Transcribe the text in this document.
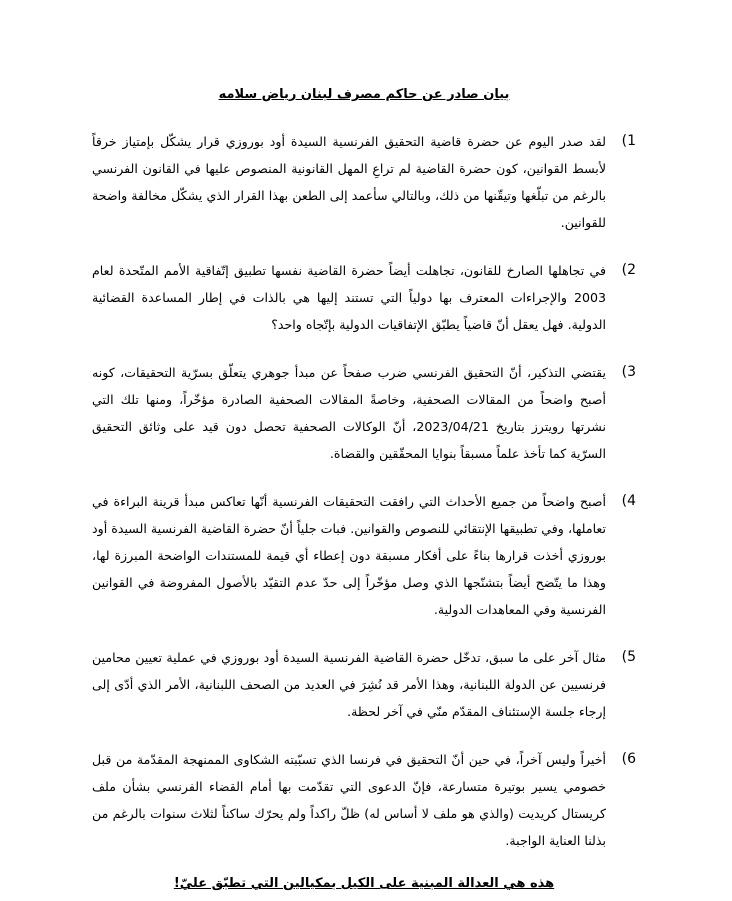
بيان صادر عن حاكم مصرف لبنان رياض سلامه
1)
لقد صدر اليوم عن حضرة قاضية التحقيق الفرنسية السيدة أود بوروزي قرار يشكّل بإمتياز خرقاً لأبسط القوانين، كون حضرة القاضية لم تراعِ المهل القانونية المنصوص عليها في القانون الفرنسي بالرغم من تبلّغها وتيقّنها من ذلك، وبالتالي سأعمد إلى الطعن بهذا القرار الذي يشكّل مخالفة واضحة للقوانين.
2)
في تجاهلها الصارخ للقانون، تجاهلت أيضاً حضرة القاضية نفسها تطبيق إتّفاقية الأمم المتّحدة لعام 2003 والإجراءات المعترف بها دولياً التي تستند إليها هي بالذات في إطار المساعدة القضائية الدولية. فهل يعقل أنّ قاضياً يطبّق الإتفاقيات الدولية بإتّجاه واحد؟
3)
يقتضي التذكير، أنّ التحقيق الفرنسي ضرب صفحاً عن مبدأ جوهري يتعلّق بسرّية التحقيقات، كونه أصبح واضحاً من المقالات الصحفية، وخاصةً المقالات الصحفية الصادرة مؤخّراً، ومنها تلك التي نشرتها رويترز بتاريخ 2023/04/21، أنّ الوكالات الصحفية تحصل دون قيد على وثائق التحقيق السرّية كما تأخذ علماً مسبقاً بنوايا المحقّقين والقضاة.
4)
أصبح واضحاً من جميع الأحداث التي رافقت التحقيقات الفرنسية أنّها تعاكس مبدأ قرينة البراءة في تعاملها، وفي تطبيقها الإنتقائي للنصوص والقوانين. فبات جلياً أنّ حضرة القاضية الفرنسية السيدة أود بوروزي أخذت قرارها بناءً على أفكار مسبقة دون إعطاء أي قيمة للمستندات الواضحة المبرزة لها، وهذا ما يتّضح أيضاً بتشنّجها الذي وصل مؤخّراً إلى حدّ عدم التقيّد بالأصول المفروضة في القوانين الفرنسية وفي المعاهدات الدولية.
5)
مثال آخر على ما سبق، تدخّل حضرة القاضية الفرنسية السيدة أود بوروزي في عملية تعيين محامين فرنسيين عن الدولة اللبنانية، وهذا الأمر قد نُشِرَ في العديد من الصحف اللبنانية، الأمر الذي أدّى إلى إرجاء جلسة الإستئناف المقدّم منّي في آخر لحظة.
6)
أخيراً وليس آخراً، في حين أنّ التحقيق في فرنسا الذي تسبّبته الشكاوى الممنهجة المقدّمة من قبل خصومي يسير بوتيرة متسارعة، فإنّ الدعوى التي تقدّمت بها أمام القضاء الفرنسي بشأن ملف كريستال كريديت (والذي هو ملف لا أساس له) ظلّ راكداً ولم يحرّك ساكناً لثلاث سنوات بالرغم من بذلنا العناية الواجبة.
هذه هي العدالة المبنية على الكيل بمكيالين التي تطبّق عليّ!
